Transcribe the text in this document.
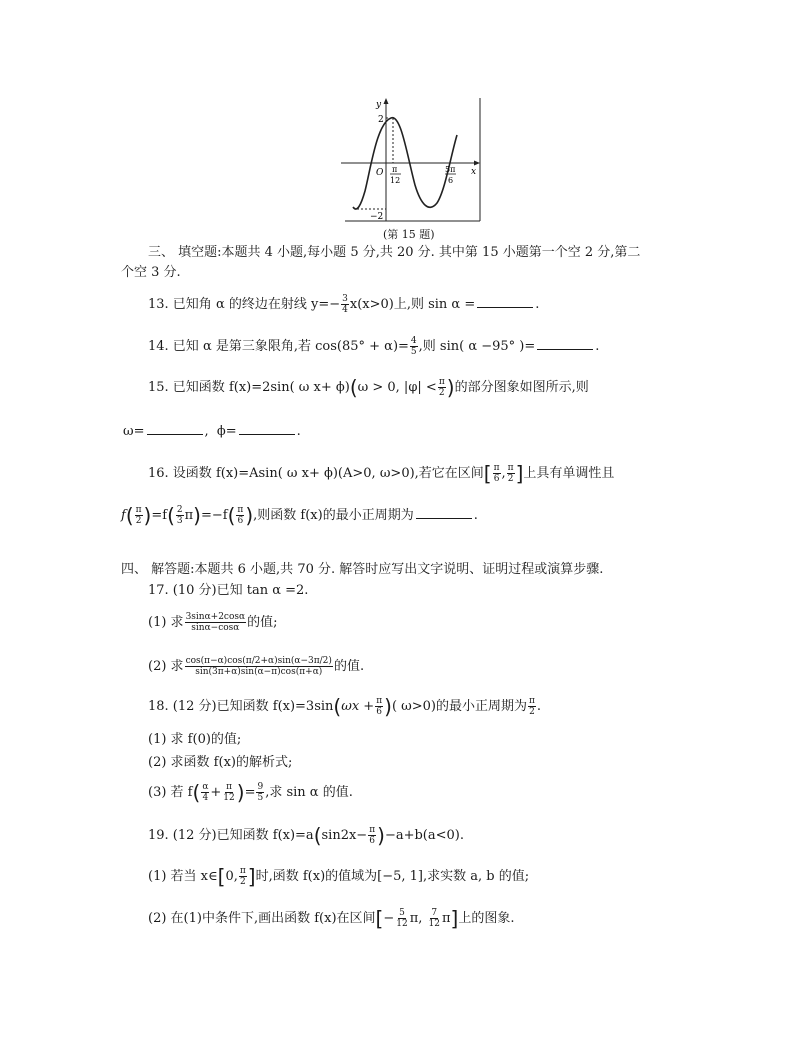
y
x
O
2
−2
π
12
5π
6
(第 15 题)
三、 填空题:本题共 4 小题,每小题 5 分,共 20 分. 其中第 15 小题第一个空 2 分,第二
个空 3 分.
13. 已知角 α 的终边在射线 $y=- \frac{3}{4} x(x>0)$上,则 sin α =	.
14. 已知 α 是第三象限角,若 $\cos(85^\circ + \alpha)= \frac{4}{5}$ ,则 sin( α −95° )=	.
15. 已知函数 f(x)=2sin( ω x+ ϕ)(ω > 0, $|\varphi| < \frac{\pi}{2}$ )的部分图象如图所示,则
ω=	, ϕ=	.
16. 设函数 f(x)=Asin( ω x+ ϕ)(A>0, ω>0),若它在区间[ $\frac{\pi}{6}$ , $\frac{\pi}{2}$ ]上具有单调性且
$f( \frac{\pi}{2} )=f( \frac{2}{3} \pi)=-f( \frac{\pi}{6}$ ),则函数 f(x)的最小正周期为	.
四、 解答题:本题共 6 小题,共 70 分. 解答时应写出文字说明、证明过程或演算步骤.
17. (10 分)已知 tan α =2.
(1) 求 $\frac{3\sin\alpha+2\cos\alpha}{\sin\alpha-\cos\alpha}$ 的值;
(2) 求 $\frac{\cos(\pi-\alpha)\cos(\pi/2+\alpha)\sin(\alpha-3\pi/2)}{\sin(3\pi+\alpha)\sin(\alpha-\pi)\cos(\pi+\alpha)}$ 的值.
18. (12 分)已知函数 $f(x)=3\sin(\omega x + \frac{\pi}{6}$ )( ω>0)的最小正周期为 $\frac{\pi}{2}$ .
(1) 求 f(0)的值;
(2) 求函数 f(x)的解析式;
(3) 若 $f( \frac{\alpha}{4} + \frac{\pi}{12}$ )= $\frac{9}{5}$ ,求 sin α 的值.
19. (12 分)已知函数 $f(x)=a(\sin 2x- \frac{\pi}{6} )-a+b(a<0)$.
(1) 若当 x∈[0, $\frac{\pi}{2}$ ]时,函数 f(x)的值域为[−5, 1],求实数 a, b 的值;
(2) 在(1)中条件下,画出函数 f(x)在区间[− $\frac{5}{12} \pi$, $\frac{7}{12} \pi$]上的图象.
